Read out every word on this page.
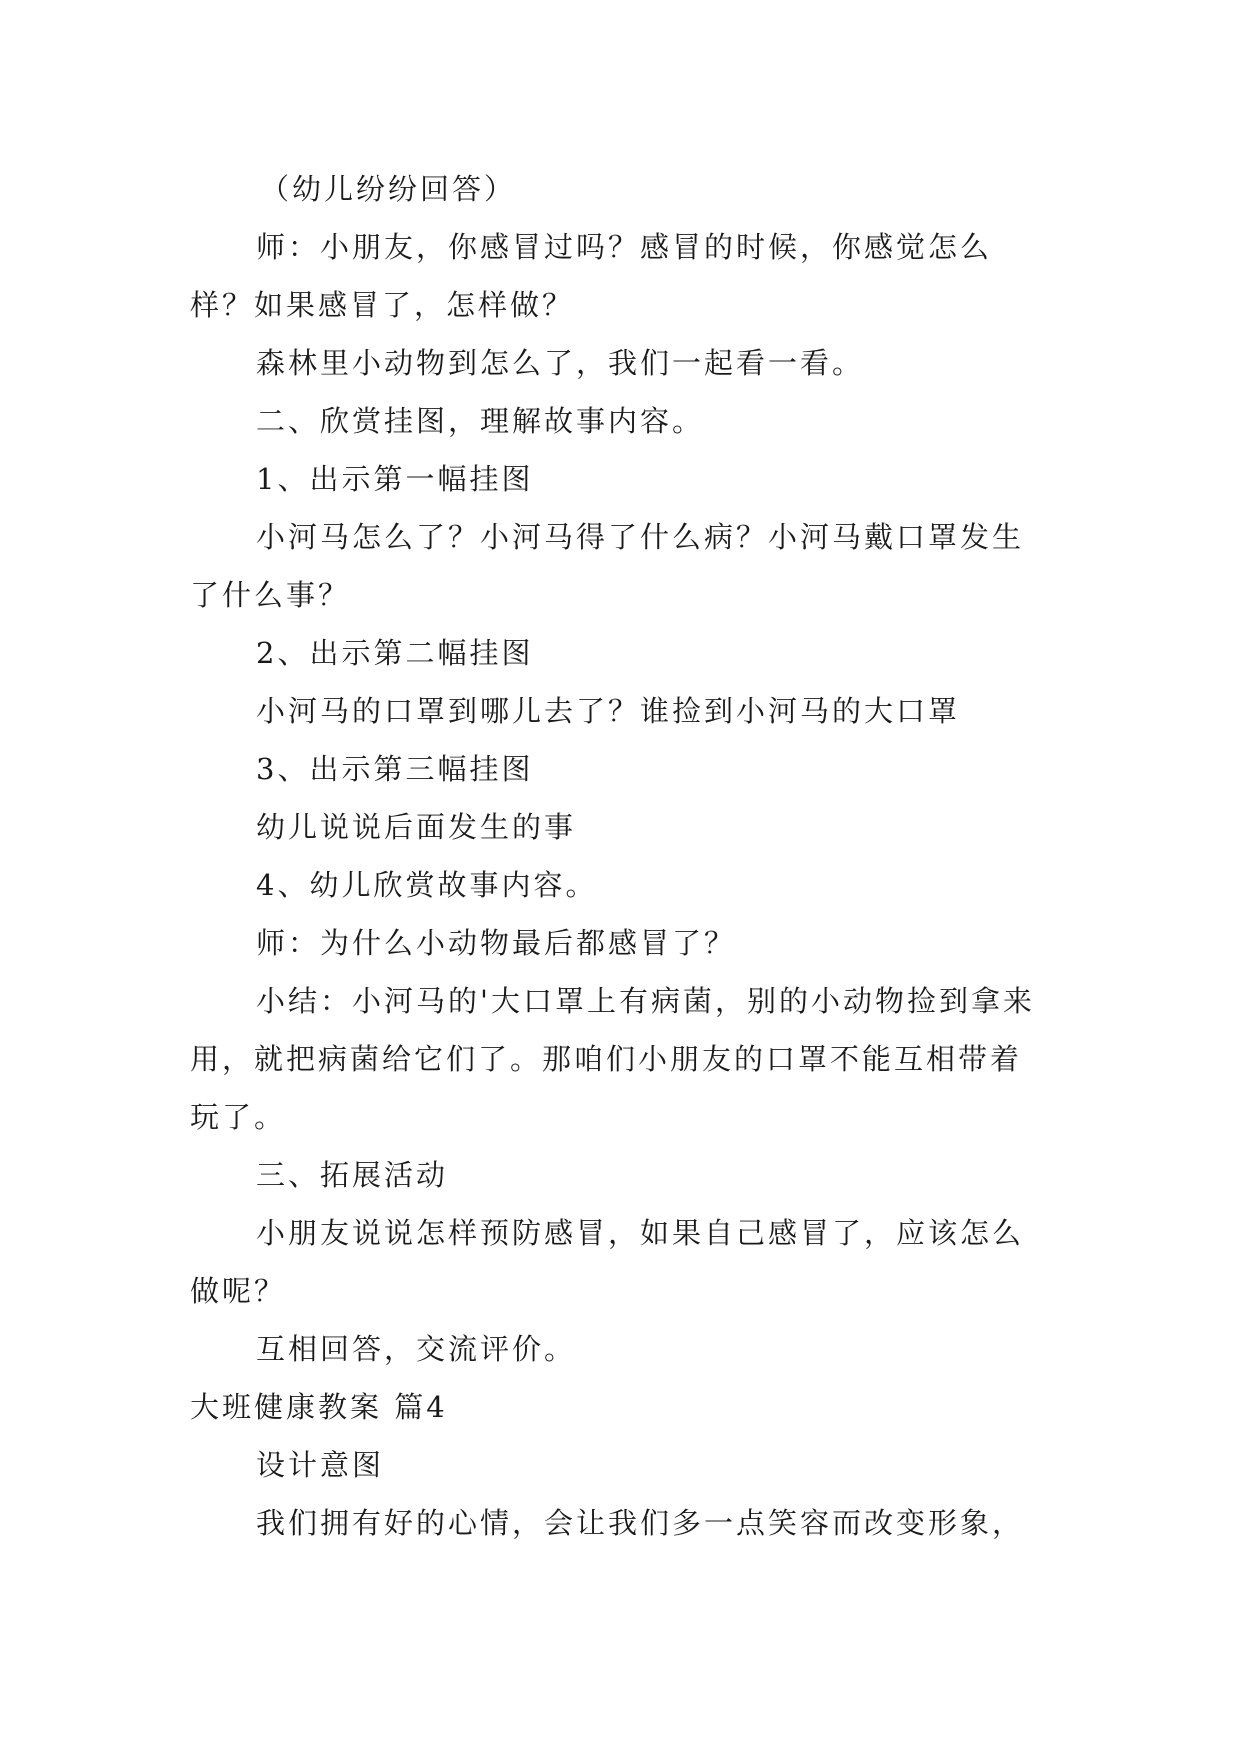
（幼儿纷纷回答）

师：小朋友，你感冒过吗？感冒的时候，你感觉怎么样？如果感冒了，怎样做？

森林里小动物到怎么了，我们一起看一看。

二、欣赏挂图，理解故事内容。

1、出示第一幅挂图

小河马怎么了？小河马得了什么病？小河马戴口罩发生了什么事？

2、出示第二幅挂图

小河马的口罩到哪儿去了？谁捡到小河马的大口罩

3、出示第三幅挂图

幼儿说说后面发生的事

4、幼儿欣赏故事内容。

师：为什么小动物最后都感冒了？

小结：小河马的'大口罩上有病菌，别的小动物捡到拿来用，就把病菌给它们了。那咱们小朋友的口罩不能互相带着玩了。

三、拓展活动

小朋友说说怎样预防感冒，如果自己感冒了，应该怎么做呢？

互相回答，交流评价。

大班健康教案 篇4

设计意图

我们拥有好的心情，会让我们多一点笑容而改变形象，
